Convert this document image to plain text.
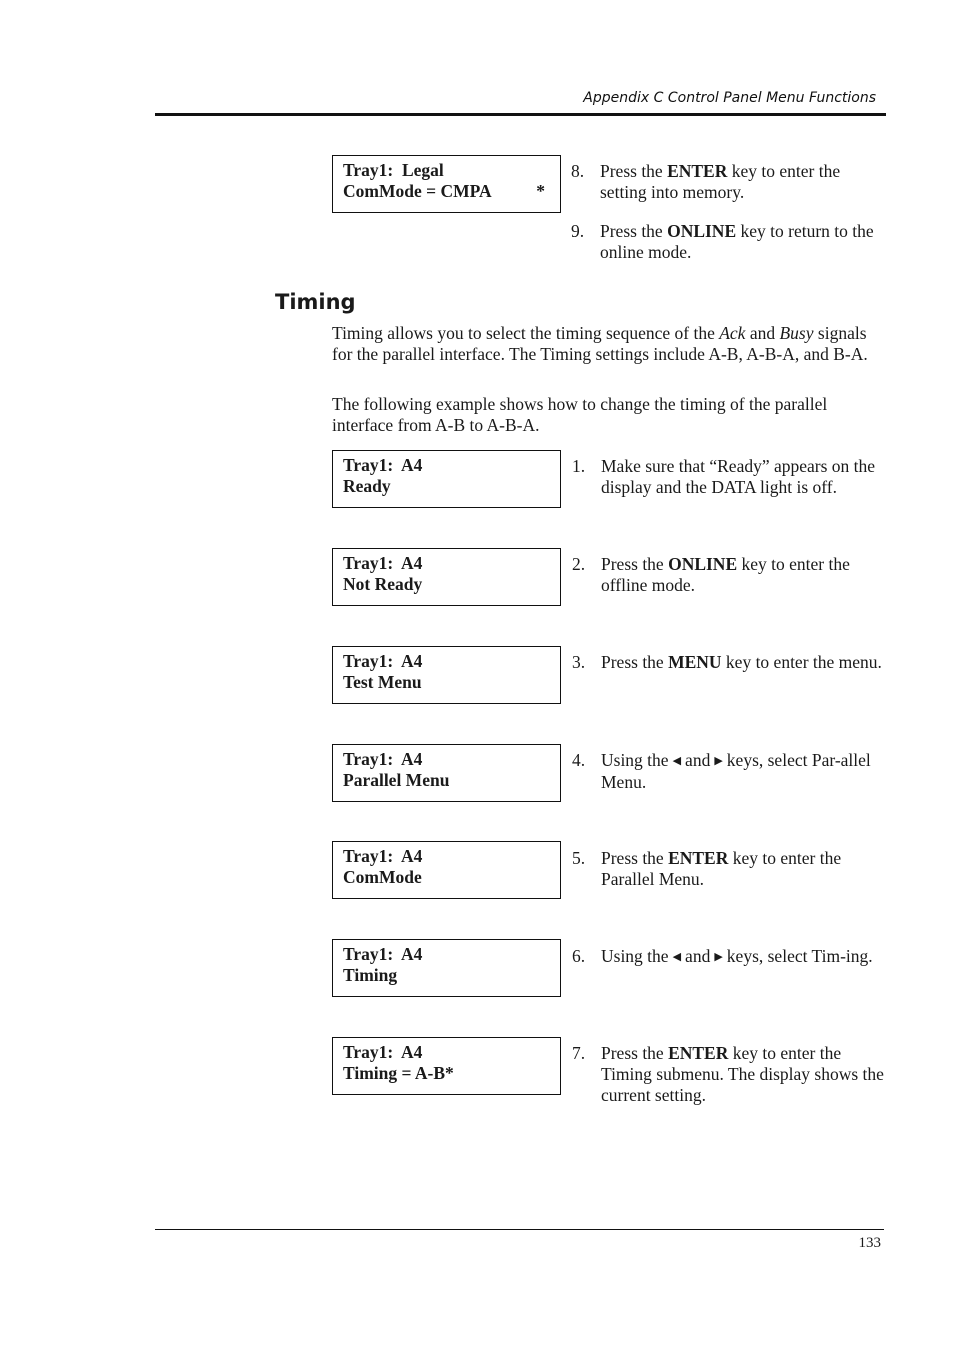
Appendix C Control Panel Menu Functions
Tray1:  Legal
ComMode = CMPA	*
8. Press the ENTER key to enter the setting into memory.
9. Press the ONLINE key to return to the online mode.
Timing
Timing allows you to select the timing sequence of the Ack and Busy signals for the parallel interface. The Timing settings include A-B, A-B-A, and B-A.
The following example shows how to change the timing of the parallel interface from A-B to A-B-A.
Tray1:  A4
Ready
Tray1:  A4
Not Ready
Tray1:  A4
Test Menu
Tray1:  A4
Parallel Menu
Tray1:  A4
ComMode
Tray1:  A4
Timing
Tray1:  A4
Timing = A-B*
1. Make sure that “Ready” appears on the display and the DATA light is off.
2. Press the ONLINE key to enter the offline mode.
3. Press the MENU key to enter the menu.
4. Using the ◀ and ▶ keys, select Par-allel Menu.
5. Press the ENTER key to enter the Parallel Menu.
6. Using the ◀ and ▶ keys, select Tim-ing.
7. Press the ENTER key to enter the Timing submenu. The display shows the current setting.
133
